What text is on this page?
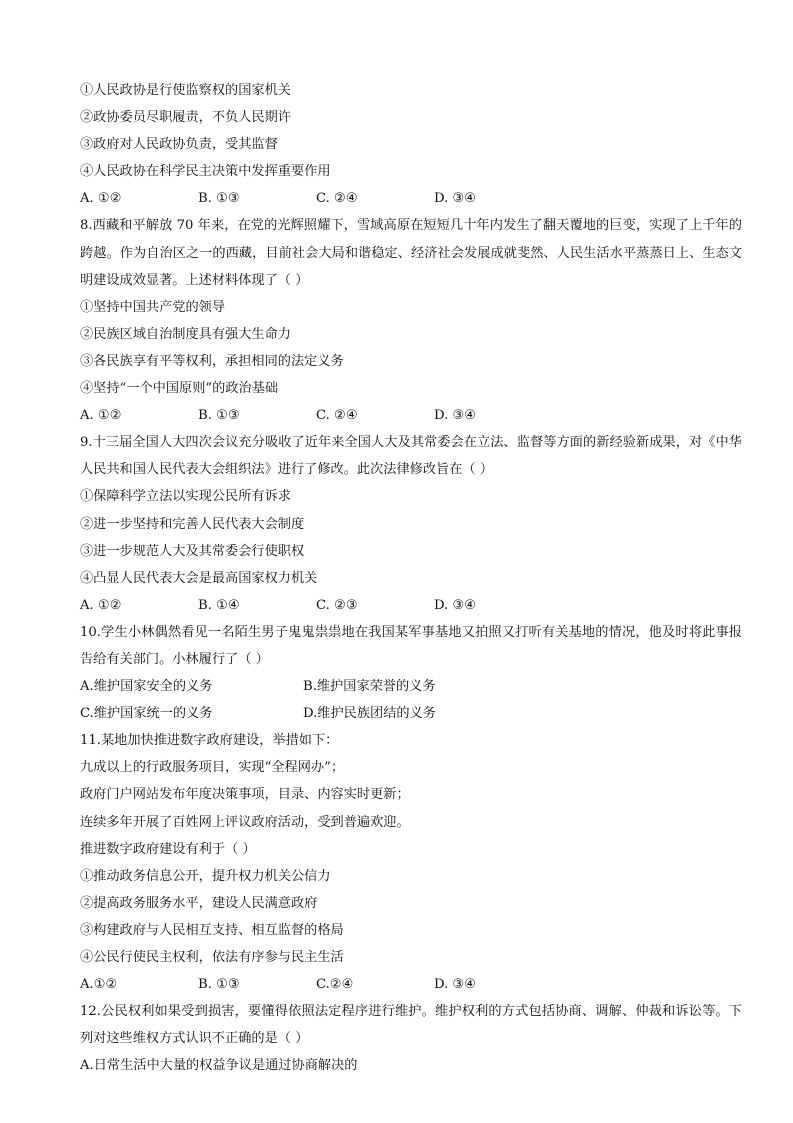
①人民政协是行使监察权的国家机关
②政协委员尽职履责，不负人民期许
③政府对人民政协负责，受其监督
④人民政协在科学民主决策中发挥重要作用
A. ①②	B. ①③	C. ②④	D. ③④
8.西藏和平解放 70 年来，在党的光辉照耀下，雪域高原在短短几十年内发生了翻天覆地的巨变，实现了上千年的跨越。作为自治区之一的西藏，目前社会大局和谐稳定、经济社会发展成就斐然、人民生活水平蒸蒸日上、生态文明建设成效显著。上述材料体现了（ ）
①坚持中国共产党的领导
②民族区域自治制度具有强大生命力
③各民族享有平等权利，承担相同的法定义务
④坚持“一个中国原则”的政治基础
A. ①②	B. ①③	C. ②④	D. ③④
9.十三届全国人大四次会议充分吸收了近年来全国人大及其常委会在立法、监督等方面的新经验新成果，对《中华人民共和国人民代表大会组织法》进行了修改。此次法律修改旨在（ ）
①保障科学立法以实现公民所有诉求
②进一步坚持和完善人民代表大会制度
③进一步规范人大及其常委会行使职权
④凸显人民代表大会是最高国家权力机关
A. ①②	B. ①④	C. ②③	D. ③④
10.学生小林偶然看见一名陌生男子鬼鬼祟祟地在我国某军事基地又拍照又打听有关基地的情况，他及时将此事报告给有关部门。小林履行了（ ）
A.维护国家安全的义务	B.维护国家荣誉的义务
C.维护国家统一的义务	D.维护民族团结的义务
11.某地加快推进数字政府建设，举措如下：
九成以上的行政服务项目，实现“全程网办”；
政府门户网站发布年度决策事项，目录、内容实时更新；
连续多年开展了百姓网上评议政府活动，受到普遍欢迎。
推进数字政府建设有利于（ ）
①推动政务信息公开，提升权力机关公信力
②提高政务服务水平，建设人民满意政府
③构建政府与人民相互支持、相互监督的格局
④公民行使民主权利，依法有序参与民主生活
A.①②	B. ①③	C.②④	D. ③④
12.公民权利如果受到损害，要懂得依照法定程序进行维护。维护权利的方式包括协商、调解、仲裁和诉讼等。下列对这些维权方式认识不正确的是（ ）
A.日常生活中大量的权益争议是通过协商解决的
